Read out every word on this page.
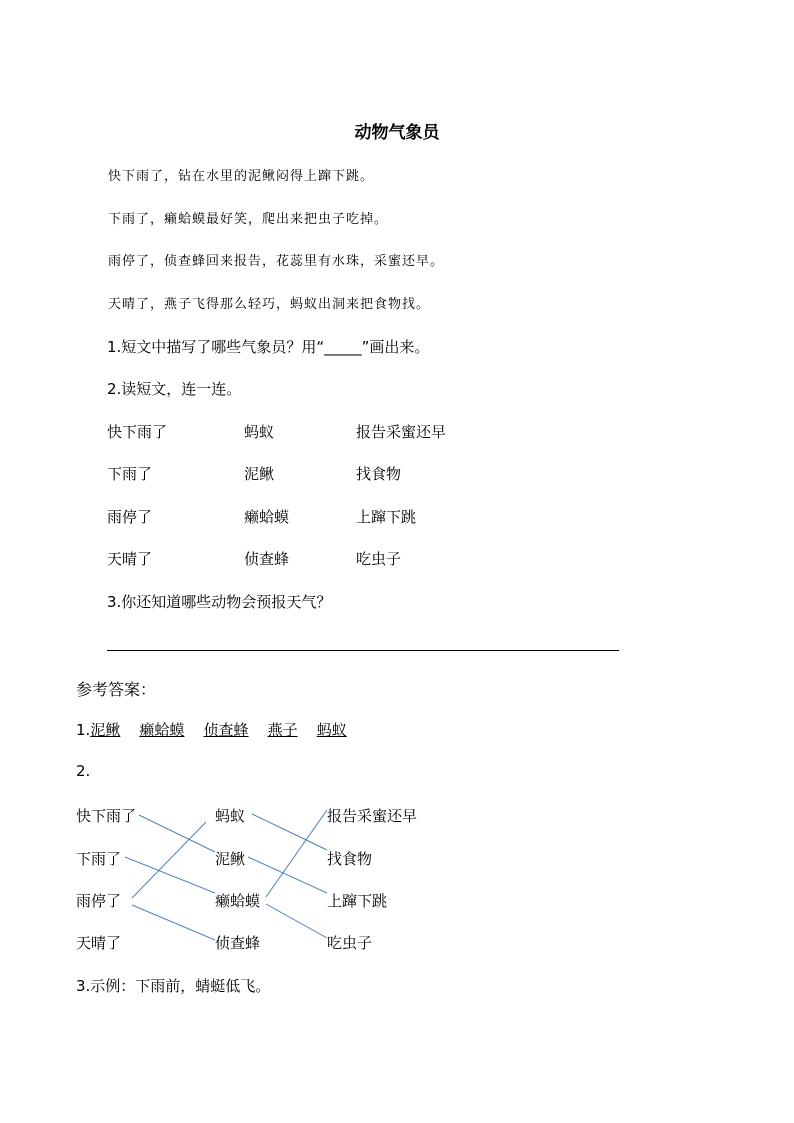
动物气象员
快下雨了，钻在水里的泥鳅闷得上蹿下跳。
下雨了，癞蛤蟆最好笑，爬出来把虫子吃掉。
雨停了，侦查蜂回来报告，花蕊里有水珠，采蜜还早。
天晴了，燕子飞得那么轻巧，蚂蚁出洞来把食物找。
1.短文中描写了哪些气象员？用“_____”画出来。
2.读短文，连一连。
快下雨了	蚂蚁	报告采蜜还早
下雨了	泥鳅	找食物
雨停了	癞蛤蟆	上蹿下跳
天晴了	侦查蜂	吃虫子
3.你还知道哪些动物会预报天气？
参考答案：
1.泥鳅 癞蛤蟆 侦查蜂 燕子 蚂蚁
2.
快下雨了	蚂蚁	报告采蜜还早
下雨了	泥鳅	找食物
雨停了	癞蛤蟆	上蹿下跳
天晴了	侦查蜂	吃虫子
3.示例：下雨前，蜻蜓低飞。
